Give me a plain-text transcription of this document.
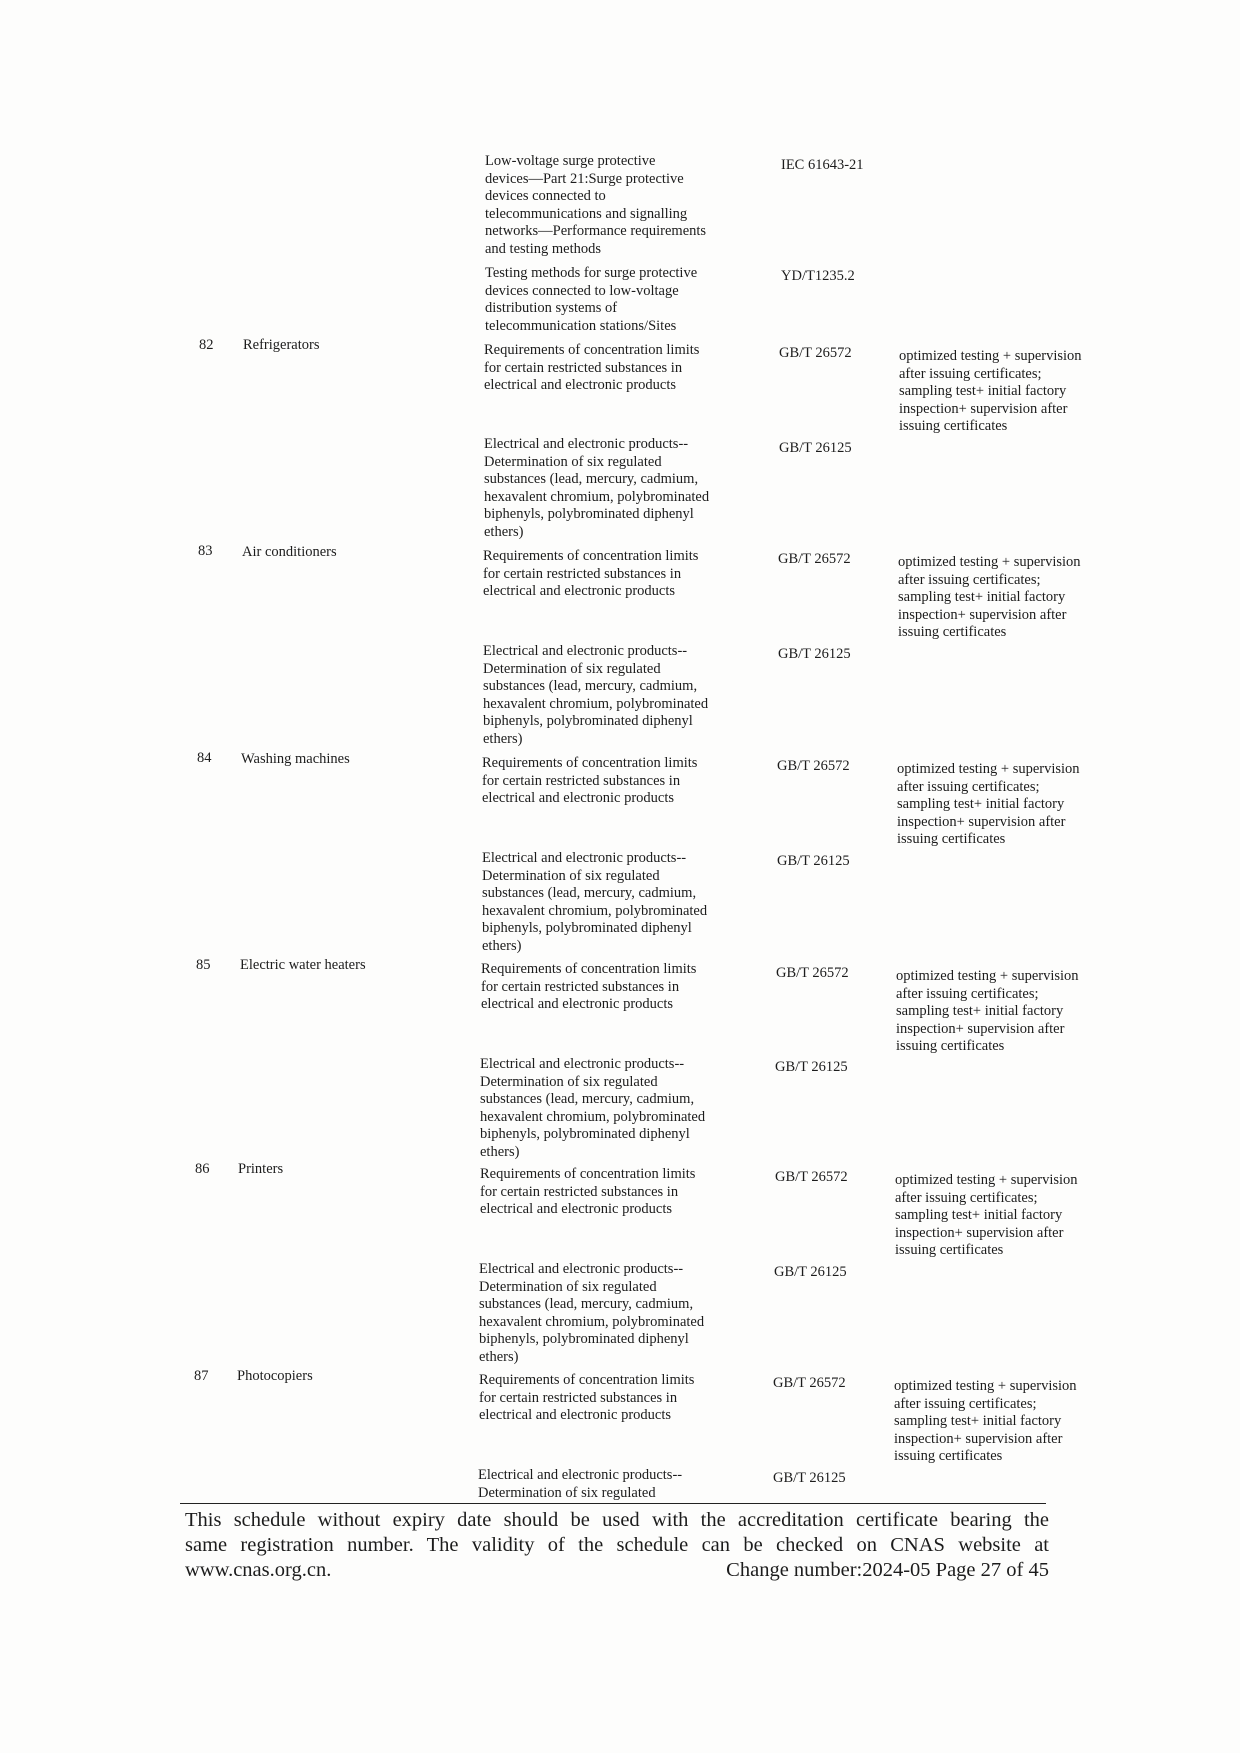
Low-voltage surge protective
devices—Part 21:Surge protective
devices connected to
telecommunications and signalling
networks—Performance requirements
and testing methods
IEC 61643-21
Testing methods for surge protective
devices connected to low-voltage
distribution systems of
telecommunication stations/Sites
YD/T1235.2
82	Refrigerators	Requirements of concentration limits
for certain restricted substances in
electrical and electronic products
GB/T 26572	optimized testing + supervision
after issuing certificates;
sampling test+ initial factory
inspection+ supervision after
issuing certificates
Electrical and electronic products--
Determination of six regulated
substances (lead, mercury, cadmium,
hexavalent chromium, polybrominated
biphenyls, polybrominated diphenyl
ethers)
GB/T 26125
83	Air conditioners	Requirements of concentration limits
for certain restricted substances in
electrical and electronic products
GB/T 26572	optimized testing + supervision
after issuing certificates;
sampling test+ initial factory
inspection+ supervision after
issuing certificates
Electrical and electronic products--
Determination of six regulated
substances (lead, mercury, cadmium,
hexavalent chromium, polybrominated
biphenyls, polybrominated diphenyl
ethers)
GB/T 26125
84	Washing machines	Requirements of concentration limits
for certain restricted substances in
electrical and electronic products
GB/T 26572	optimized testing + supervision
after issuing certificates;
sampling test+ initial factory
inspection+ supervision after
issuing certificates
Electrical and electronic products--
Determination of six regulated
substances (lead, mercury, cadmium,
hexavalent chromium, polybrominated
biphenyls, polybrominated diphenyl
ethers)
GB/T 26125
85	Electric water heaters	Requirements of concentration limits
for certain restricted substances in
electrical and electronic products
GB/T 26572	optimized testing + supervision
after issuing certificates;
sampling test+ initial factory
inspection+ supervision after
issuing certificates
Electrical and electronic products--
Determination of six regulated
substances (lead, mercury, cadmium,
hexavalent chromium, polybrominated
biphenyls, polybrominated diphenyl
ethers)
GB/T 26125
86	Printers	Requirements of concentration limits
for certain restricted substances in
electrical and electronic products
GB/T 26572	optimized testing + supervision
after issuing certificates;
sampling test+ initial factory
inspection+ supervision after
issuing certificates
Electrical and electronic products--
Determination of six regulated
substances (lead, mercury, cadmium,
hexavalent chromium, polybrominated
biphenyls, polybrominated diphenyl
ethers)
GB/T 26125
87	Photocopiers	Requirements of concentration limits
for certain restricted substances in
electrical and electronic products
GB/T 26572	optimized testing + supervision
after issuing certificates;
sampling test+ initial factory
inspection+ supervision after
issuing certificates
Electrical and electronic products--
Determination of six regulated
GB/T 26125
This schedule without expiry date should be used with the accreditation certificate bearing the
same registration number. The validity of the schedule can be checked on CNAS website at
www.cnas.org.cn.	Change number:2024-05 Page 27 of 45
